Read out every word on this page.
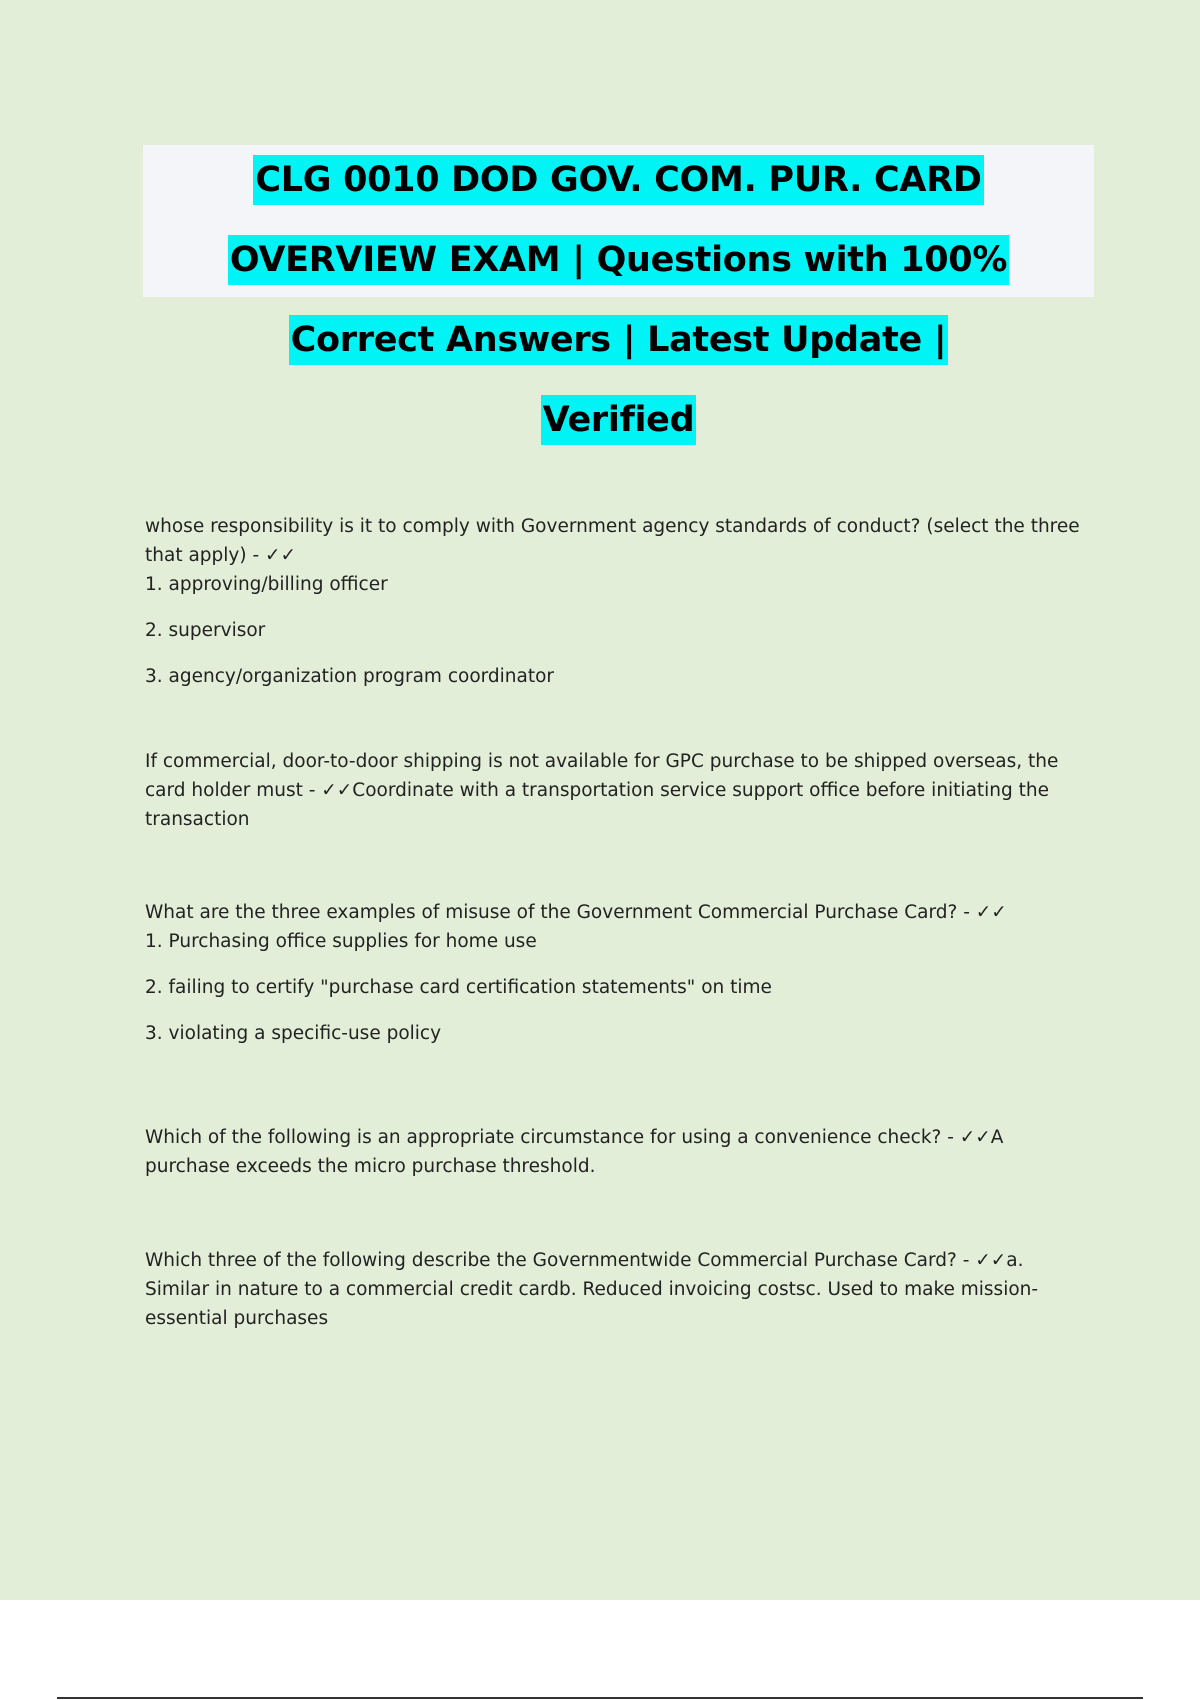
CLG 0010 DOD GOV. COM. PUR. CARD

OVERVIEW EXAM | Questions with 100%

Correct Answers | Latest Update |

Verified

whose responsibility is it to comply with Government agency standards of conduct? (select the three that apply) - ✓✓

1. approving/billing officer

2. supervisor

3. agency/organization program coordinator

If commercial, door-to-door shipping is not available for GPC purchase to be shipped overseas, the card holder must - ✓✓Coordinate with a transportation service support office before initiating the transaction

What are the three examples of misuse of the Government Commercial Purchase Card? - ✓✓

1. Purchasing office supplies for home use

2. failing to certify "purchase card certification statements" on time

3. violating a specific-use policy

Which of the following is an appropriate circumstance for using a convenience check? - ✓✓A purchase exceeds the micro purchase threshold.

Which three of the following describe the Governmentwide Commercial Purchase Card? - ✓✓a. Similar in nature to a commercial credit cardb. Reduced invoicing costsc. Used to make mission-essential purchases
